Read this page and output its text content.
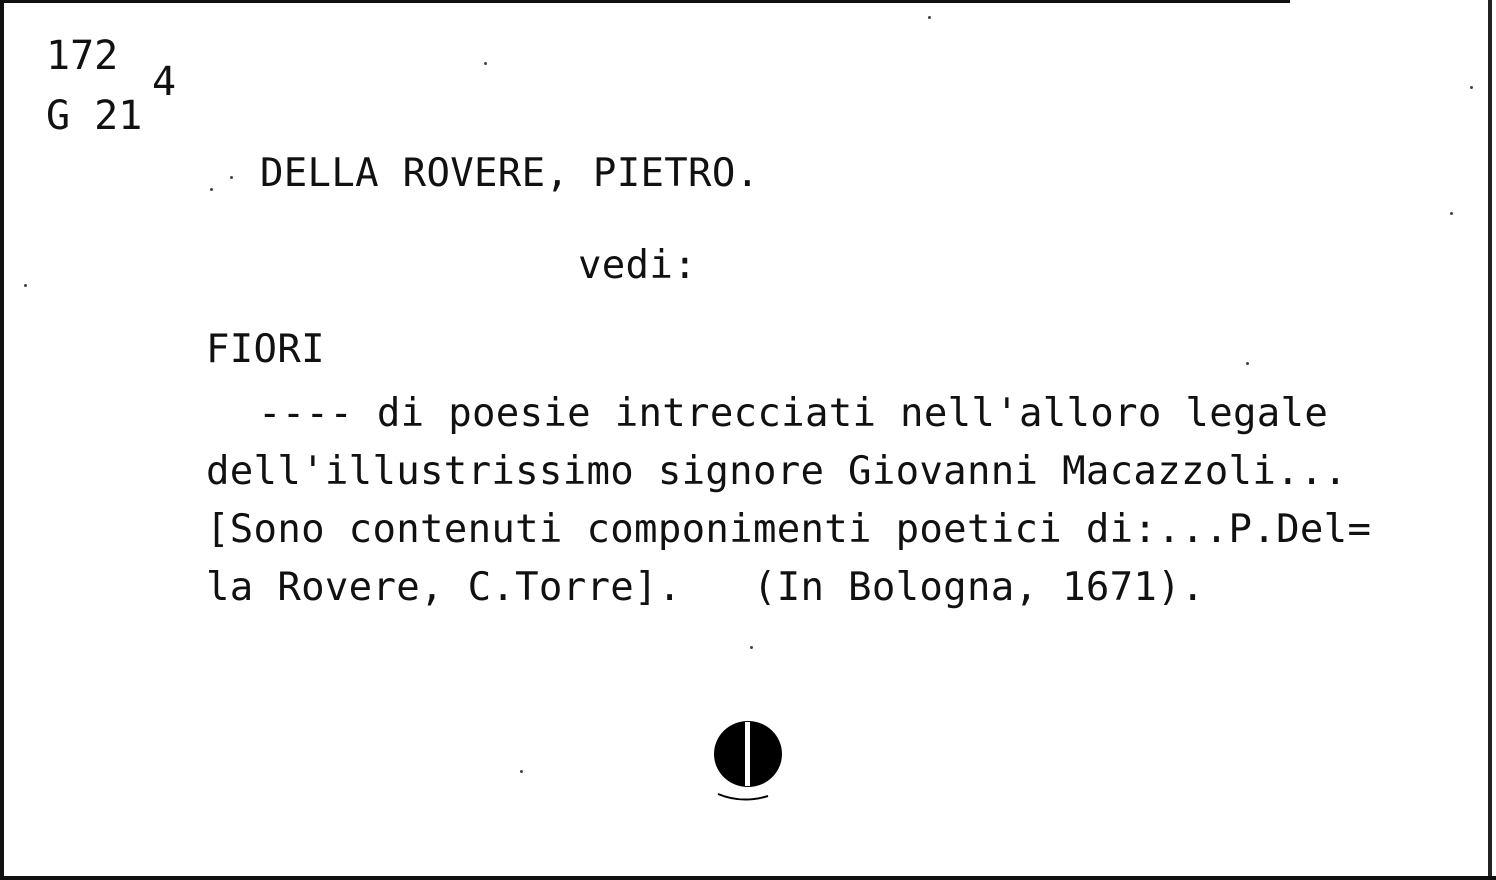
172
G 21
4
DELLA ROVERE, PIETRO.
vedi:
FIORI
---- di poesie intrecciati nell'alloro legale
dell'illustrissimo signore Giovanni Macazzoli...
[Sono contenuti componimenti poetici di:...P.Del=
la Rovere, C.Torre].   (In Bologna, 1671).
